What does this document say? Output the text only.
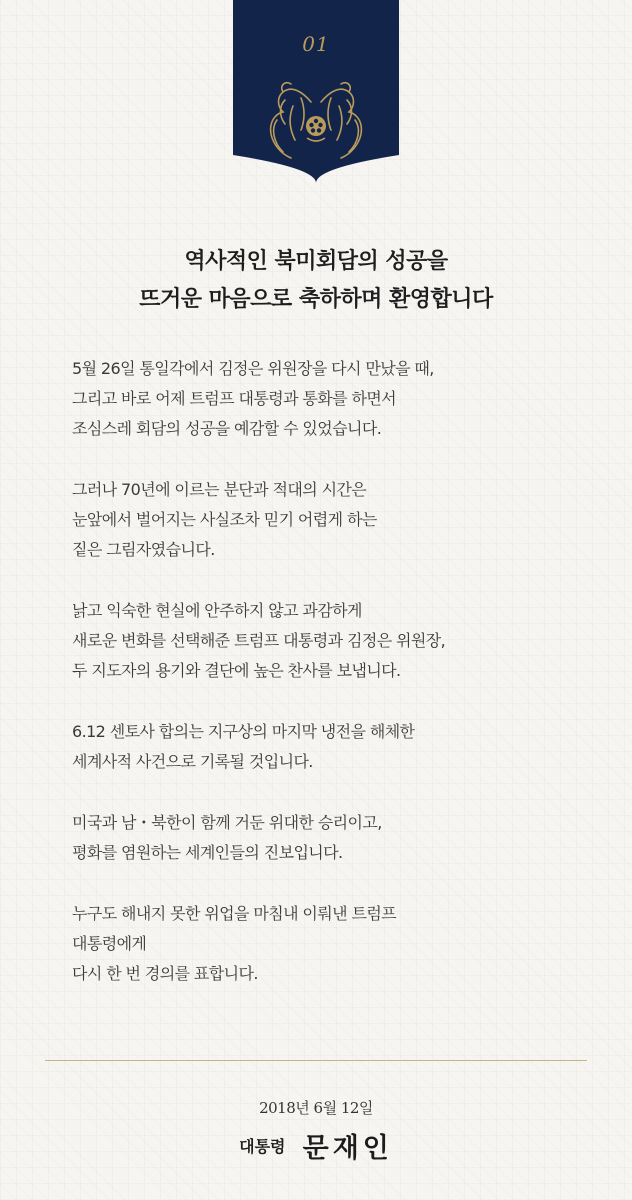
01
역사적인 북미회담의 성공을
뜨거운 마음으로 축하하며 환영합니다
5월 26일 통일각에서 김정은 위원장을 다시 만났을 때,
그리고 바로 어제 트럼프 대통령과 통화를 하면서
조심스레 회담의 성공을 예감할 수 있었습니다.
그러나 70년에 이르는 분단과 적대의 시간은
눈앞에서 벌어지는 사실조차 믿기 어렵게 하는
짙은 그림자였습니다.
낡고 익숙한 현실에 안주하지 않고 과감하게
새로운 변화를 선택해준 트럼프 대통령과 김정은 위원장,
두 지도자의 용기와 결단에 높은 찬사를 보냅니다.
6.12 센토사 합의는 지구상의 마지막 냉전을 해체한
세계사적 사건으로 기록될 것입니다.
미국과 남・북한이 함께 거둔 위대한 승리이고,
평화를 염원하는 세계인들의 진보입니다.
누구도 해내지 못한 위업을 마침내 이뤄낸 트럼프
대통령에게
다시 한 번 경의를 표합니다.
2018년 6월 12일
대통령 문재인
